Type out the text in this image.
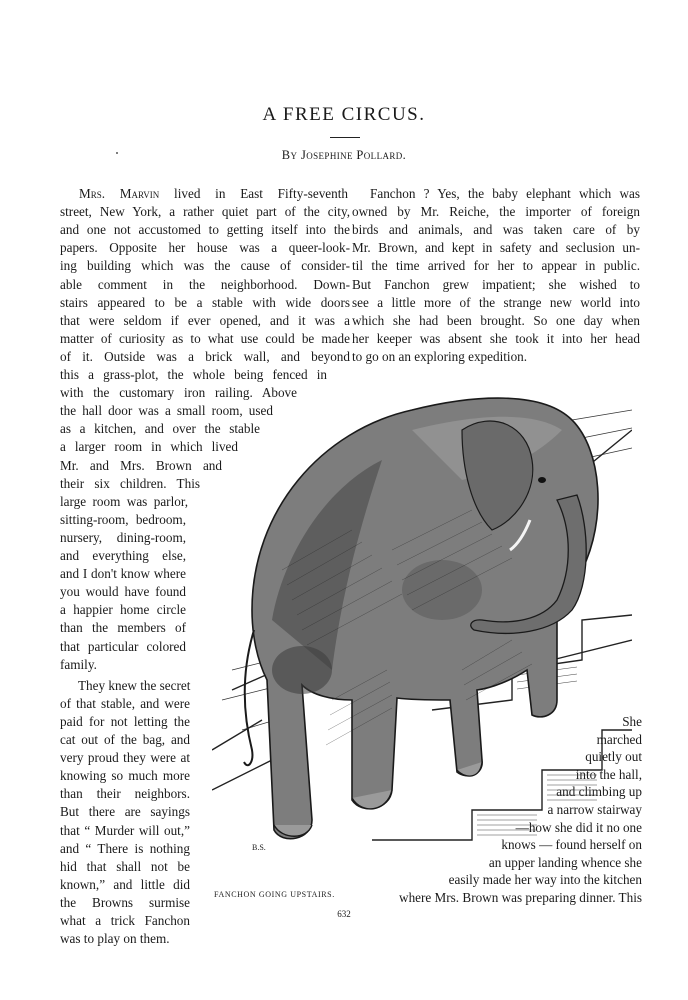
A FREE CIRCUS.
By Josephine Pollard.
Mrs. Marvin lived in East Fifty-seventh
street, New York, a rather quiet part of the city,
and one not accustomed to getting itself into the
papers. Opposite her house was a queer-look-
ing building which was the cause of consider-
able comment in the neighborhood. Down-
stairs appeared to be a stable with wide doors
that were seldom if ever opened, and it was a
matter of curiosity as to what use could be made
of it. Outside was a brick wall, and beyond
this a grass-plot, the whole being fenced in
with the customary iron railing. Above
the hall door was a small room, used
as a kitchen, and over the stable
a larger room in which lived
Mr. and Mrs. Brown and
their six children. This
large room was parlor,
sitting-room, bedroom,
nursery, dining-room,
and everything else,
and I don't know where
you would have found
a happier home circle
than the members of
that particular colored
family.
They knew the secret
of that stable, and were
paid for not letting the
cat out of the bag, and
very proud they were at
knowing so much more
than their neighbors.
But there are sayings
that “ Murder will out,”
and “ There is nothing
hid that shall not be
known,” and little did
the Browns surmise
what a trick Fanchon
was to play on them.
Fanchon ? Yes, the baby elephant which was
owned by Mr. Reiche, the importer of foreign
birds and animals, and was taken care of by
Mr. Brown, and kept in safety and seclusion un-
til the time arrived for her to appear in public.
But Fanchon grew impatient; she wished to
see a little more of the strange new world into
which she had been brought. So one day when
her keeper was absent she took it into her head
to go on an exploring expedition.
She
marched
quietly out
into the hall,
and climbing up
a narrow stairway
—how she did it no one
knows — found herself on
an upper landing whence she
easily made her way into the kitchen
where Mrs. Brown was preparing dinner. This
B.S.
FANCHON GOING UPSTAIRS.
632
